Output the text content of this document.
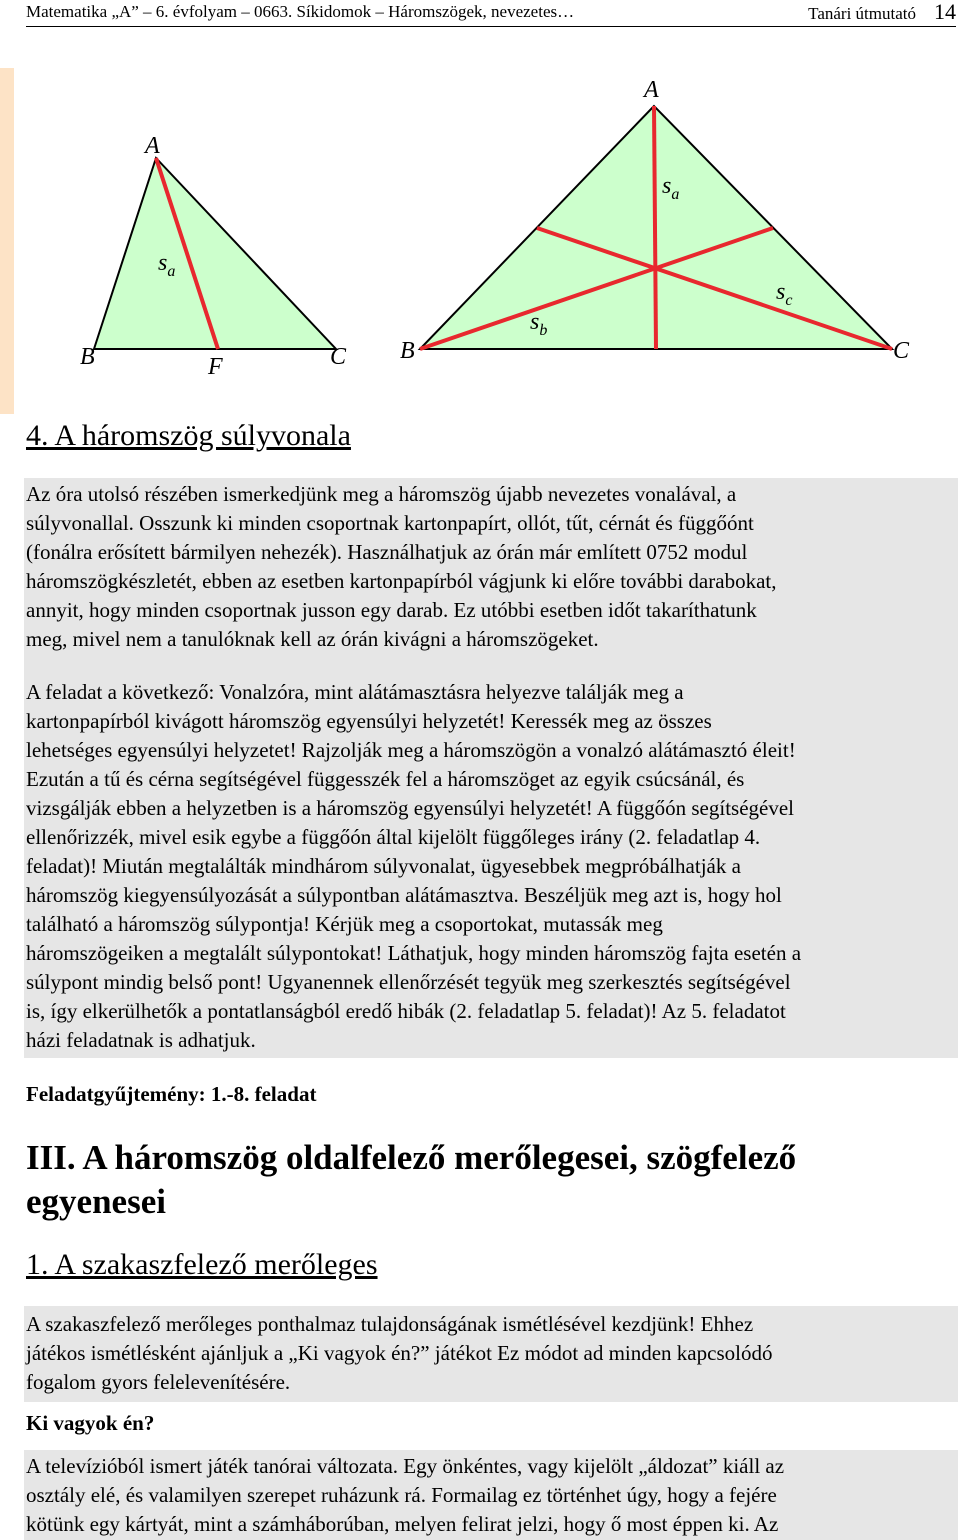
Matematika „A” – 6. évfolyam – 0663. Síkidomok – Háromszögek, nevezetes…	Tanári útmutató 14
A
B	C
F
$s_a$
A
B	C
$s_a$
$s_b$
$s_c$
4. A háromszög súlyvonala
Az óra utolsó részében ismerkedjünk meg a háromszög újabb nevezetes vonalával, a
súlyvonallal. Osszunk ki minden csoportnak kartonpapírt, ollót, tűt, cérnát és függőónt
(fonálra erősített bármilyen nehezék). Használhatjuk az órán már említett 0752 modul
háromszögkészletét, ebben az esetben kartonpapírból vágjunk ki előre további darabokat,
annyit, hogy minden csoportnak jusson egy darab. Ez utóbbi esetben időt takaríthatunk
meg, mivel nem a tanulóknak kell az órán kivágni a háromszögeket.
A feladat a következő: Vonalzóra, mint alátámasztásra helyezve találják meg a
kartonpapírból kivágott háromszög egyensúlyi helyzetét! Keressék meg az összes
lehetséges egyensúlyi helyzetet! Rajzolják meg a háromszögön a vonalzó alátámasztó éleit!
Ezután a tű és cérna segítségével függesszék fel a háromszöget az egyik csúcsánál, és
vizsgálják ebben a helyzetben is a háromszög egyensúlyi helyzetét! A függőón segítségével
ellenőrizzék, mivel esik egybe a függőón által kijelölt függőleges irány (2. feladatlap 4.
feladat)! Miután megtalálták mindhárom súlyvonalat, ügyesebbek megpróbálhatják a
háromszög kiegyensúlyozását a súlypontban alátámasztva. Beszéljük meg azt is, hogy hol
található a háromszög súlypontja! Kérjük meg a csoportokat, mutassák meg
háromszögeiken a megtalált súlypontokat! Láthatjuk, hogy minden háromszög fajta esetén a
súlypont mindig belső pont! Ugyanennek ellenőrzését tegyük meg szerkesztés segítségével
is, így elkerülhetők a pontatlanságból eredő hibák (2. feladatlap 5. feladat)! Az 5. feladatot
házi feladatnak is adhatjuk.
Feladatgyűjtemény: 1.-8. feladat
III. A háromszög oldalfelező merőlegesei, szögfelező
egyenesei
1. A szakaszfelező merőleges
A szakaszfelező merőleges ponthalmaz tulajdonságának ismétlésével kezdjünk! Ehhez
játékos ismétlésként ajánljuk a „Ki vagyok én?” játékot Ez módot ad minden kapcsolódó
fogalom gyors felelevenítésére.
Ki vagyok én?
A televízióból ismert játék tanórai változata. Egy önkéntes, vagy kijelölt „áldozat” kiáll az
osztály elé, és valamilyen szerepet ruházunk rá. Formailag ez történhet úgy, hogy a fejére
kötünk egy kártyát, mint a számháborúban, melyen felirat jelzi, hogy ő most éppen ki. Az
